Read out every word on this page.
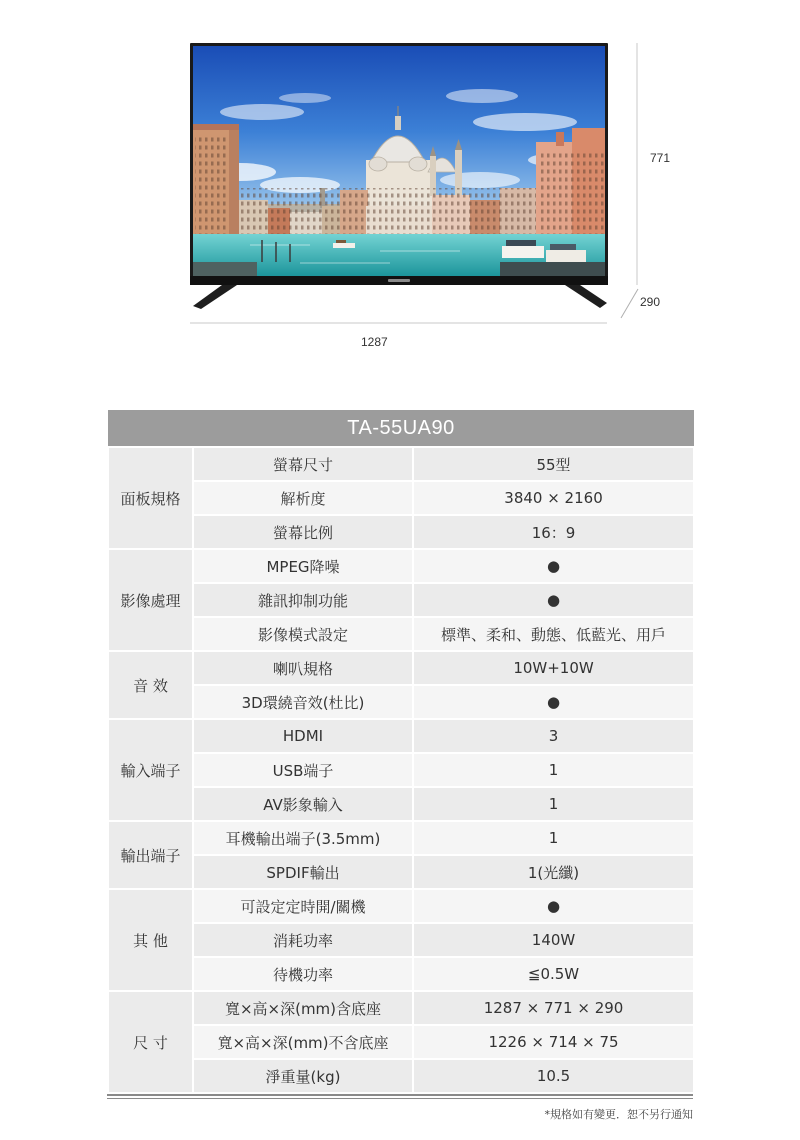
771
290
1287
TA-55UA90		
面板規格	螢幕尺寸	55型
	解析度	3840 × 2160
	螢幕比例	16：9
影像處理	MPEG降噪	●
	雜訊抑制功能	●
	影像模式設定	標準、柔和、動態、低藍光、用戶
音 效	喇叭規格	10W+10W
	3D環繞音效(杜比)	●
輸入端子	HDMI	3
	USB端子	1
	AV影象輸入	1
輸出端子	耳機輸出端子(3.5mm)	1
	SPDIF輸出	1(光纖)
其 他	可設定定時開/關機	●
	消耗功率	140W
	待機功率	≦0.5W
尺 寸	寬×高×深(mm)含底座	1287 × 771 × 290
	寬×高×深(mm)不含底座	1226 × 714 × 75
	淨重量(kg)	10.5
*規格如有變更．恕不另行通知
